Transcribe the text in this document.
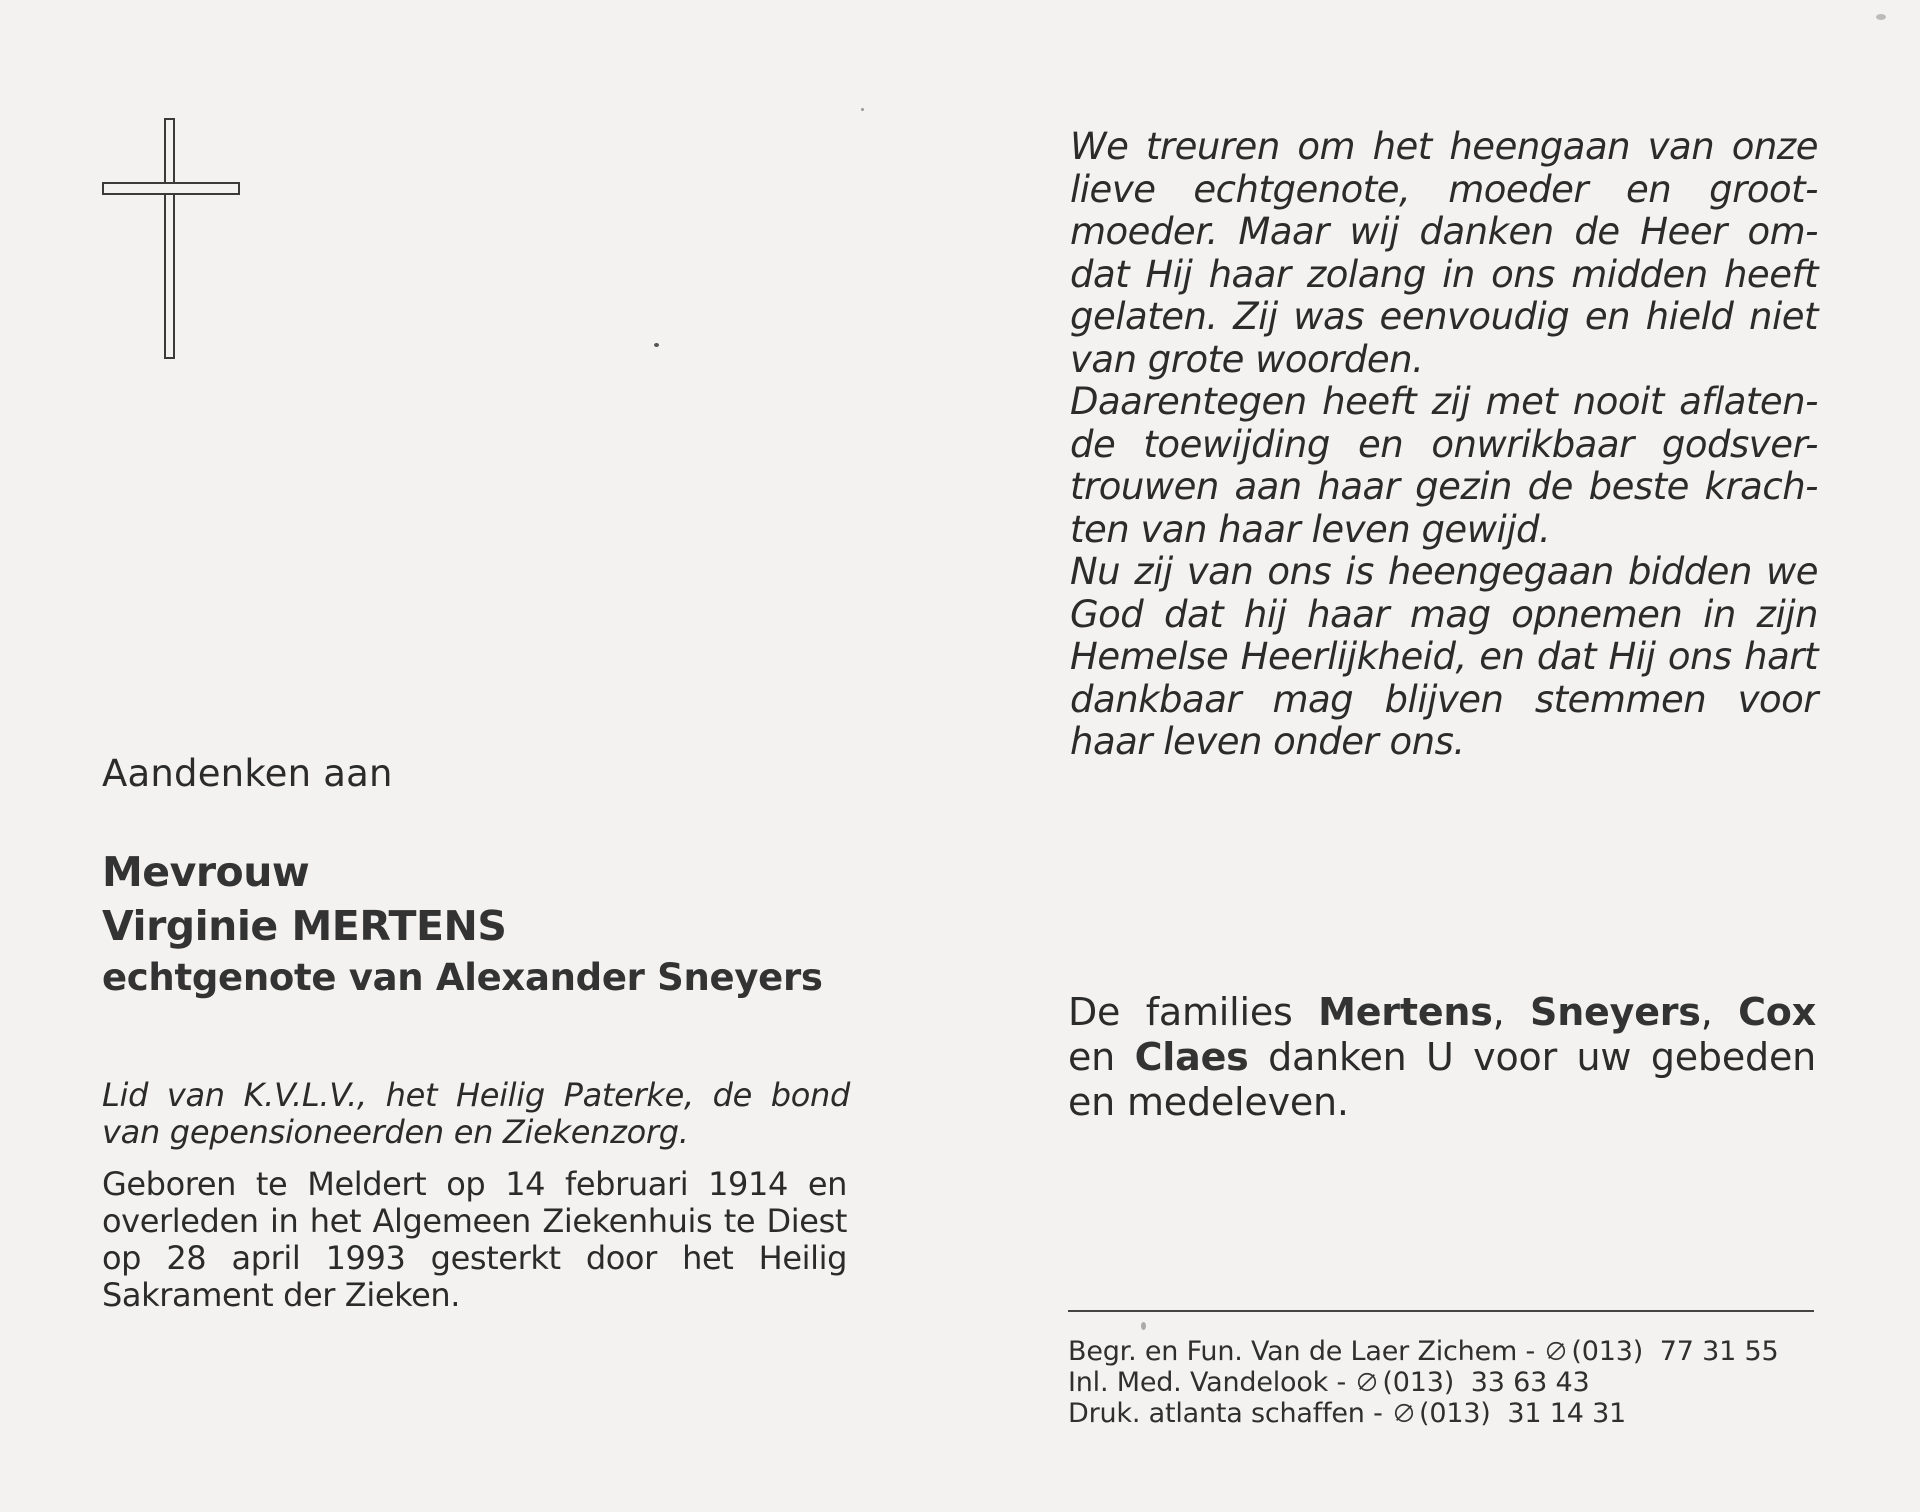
We treuren om het heengaan van onze lieve echtgenote, moeder en groot-moeder. Maar wij danken de Heer om-dat Hij haar zolang in ons midden heeft gelaten. Zij was eenvoudig en hield niet van grote woorden.

Daarentegen heeft zij met nooit aflaten-de toewijding en onwrikbaar godsver-trouwen aan haar gezin de beste krach-ten van haar leven gewijd.

Nu zij van ons is heengegaan bidden we God dat hij haar mag opnemen in zijn Hemelse Heerlijkheid, en dat Hij ons hart dankbaar mag blijven stemmen voor haar leven onder ons.

Aandenken aan
Mevrouw
Virginie MERTENS
echtgenote van Alexander Sneyers
Lid van K.V.L.V., het Heilig Paterke, de bond van gepensioneerden en Ziekenzorg.
Geboren te Meldert op 14 februari 1914 en overleden in het Algemeen Ziekenhuis te Diest op 28 april 1993 gesterkt door het Heilig Sakrament der Zieken.
De families Mertens, Sneyers, Cox en Claes danken U voor uw gebeden en medeleven.
Begr. en Fun. Van de Laer Zichem - (013)  77 31 55
Inl. Med. Vandelook - (013)  33 63 43
Druk. atlanta schaffen - (013)  31 14 31
